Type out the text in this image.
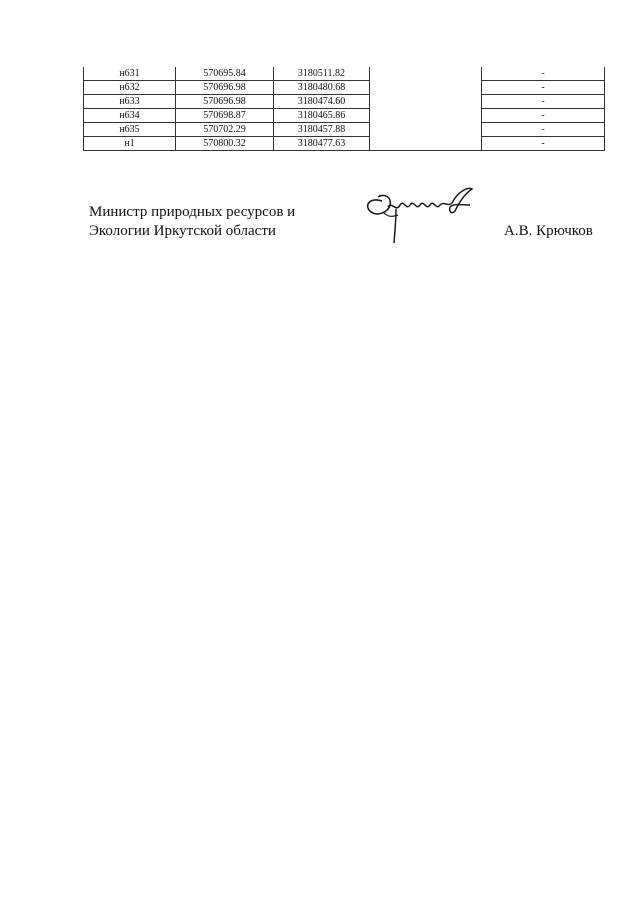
н631	570695.84	3180511.82		-
н632	570696.98	3180480.68		-
н633	570696.98	3180474.60		-
н634	570698.87	3180465.86		-
н635	570702.29	3180457.88		-
н1	570800.32	3180477.63		-
Министр природных ресурсов и
Экологии Иркутской области	А.В. Крючков
